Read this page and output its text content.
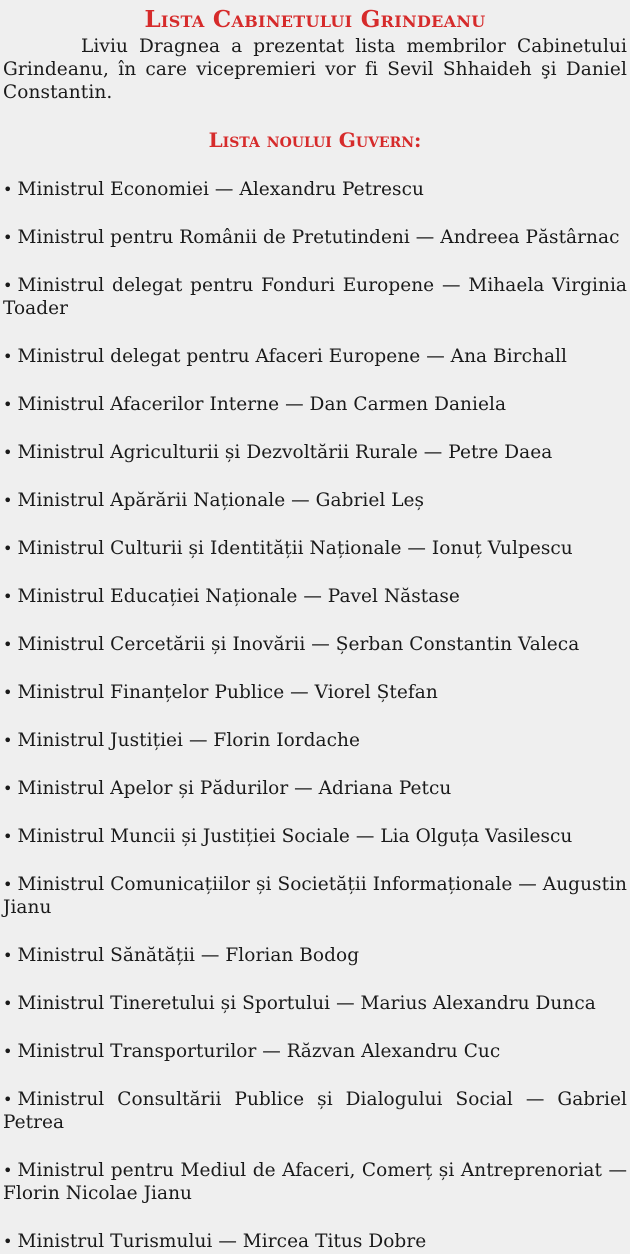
Lista Cabinetului Grindeanu

Liviu Dragnea a prezentat lista membrilor Cabinetului Grindeanu, în care vicepremieri vor fi Sevil Shhaideh şi Daniel Constantin.

Lista noului Guvern:
• Ministrul Economiei — Alexandru Petrescu
• Ministrul pentru Românii de Pretutindeni — Andreea Păstârnac
• Ministrul delegat pentru Fonduri Europene — Mihaela Virginia Toader
• Ministrul delegat pentru Afaceri Europene — Ana Birchall
• Ministrul Afacerilor Interne — Dan Carmen Daniela
• Ministrul Agriculturii și Dezvoltării Rurale — Petre Daea
• Ministrul Apărării Naționale — Gabriel Leș
• Ministrul Culturii și Identității Naționale — Ionuț Vulpescu
• Ministrul Educației Naționale — Pavel Năstase
• Ministrul Cercetării și Inovării — Șerban Constantin Valeca
• Ministrul Finanțelor Publice — Viorel Ștefan
• Ministrul Justiției — Florin Iordache
• Ministrul Apelor și Pădurilor — Adriana Petcu
• Ministrul Muncii și Justiției Sociale — Lia Olguța Vasilescu
• Ministrul Comunicațiilor și Societății Informaționale — Augustin Jianu
• Ministrul Sănătății — Florian Bodog
• Ministrul Tineretului și Sportului — Marius Alexandru Dunca
• Ministrul Transporturilor — Răzvan Alexandru Cuc
• Ministrul Consultării Publice și Dialogului Social — Gabriel Petrea
• Ministrul pentru Mediul de Afaceri, Comerț și Antreprenoriat — Florin Nicolae Jianu
• Ministrul Turismului — Mircea Titus Dobre
